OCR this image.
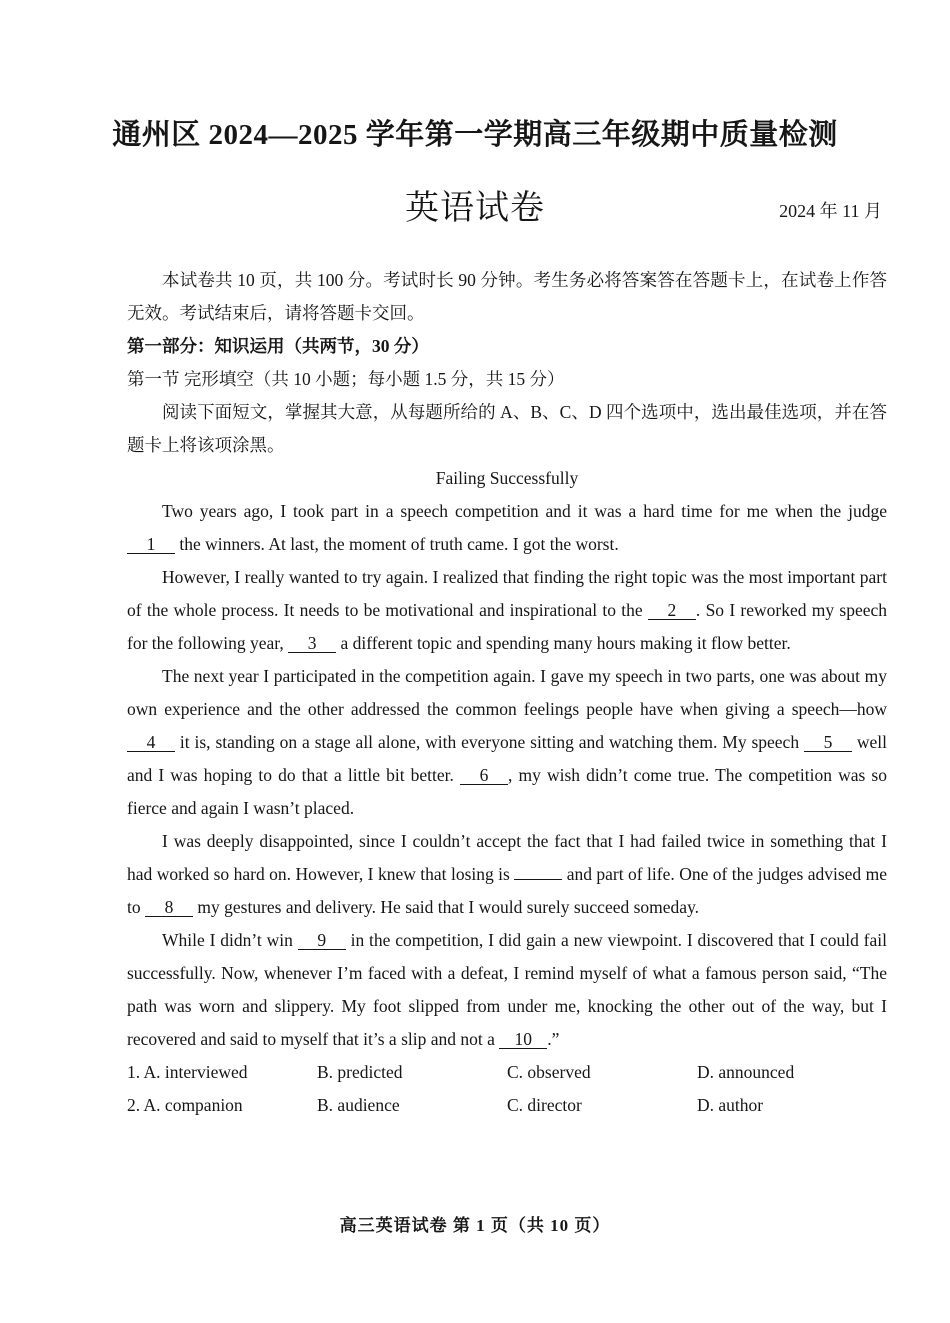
通州区 2024—2025 学年第一学期高三年级期中质量检测
英语试卷	2024 年 11 月

本试卷共 10 页，共 100 分。考试时长 90 分钟。考生务必将答案答在答题卡上，在试卷上作答无效。考试结束后，请将答题卡交回。

第一部分：知识运用（共两节，30 分）

第一节 完形填空（共 10 小题；每小题 1.5 分，共 15 分）

阅读下面短文，掌握其大意，从每题所给的 A、B、C、D 四个选项中，选出最佳选项，并在答题卡上将该项涂黑。

Failing Successfully

Two years ago, I took part in a speech competition and it was a hard time for me when the judge 1 the winners. At last, the moment of truth came. I got the worst.

However, I really wanted to try again. I realized that finding the right topic was the most important part of the whole process. It needs to be motivational and inspirational to the 2 . So I reworked my speech for the following year, 3 a different topic and spending many hours making it flow better.

The next year I participated in the competition again. I gave my speech in two parts, one was about my own experience and the other addressed the common feelings people have when giving a speech—how 4 it is, standing on a stage all alone, with everyone sitting and watching them. My speech 5 well and I was hoping to do that a little bit better. 6 , my wish didn’t come true. The competition was so fierce and again I wasn’t placed.

I was deeply disappointed, since I couldn’t accept the fact that I had failed twice in something that I had worked so hard on. However, I knew that losing is	and part of life. One of the judges advised me to 8 my gestures and delivery. He said that I would surely succeed someday.

While I didn’t win 9 in the competition, I did gain a new viewpoint. I discovered that I could fail successfully. Now, whenever I’m faced with a defeat, I remind myself of what a famous person said, “The path was worn and slippery. My foot slipped from under me, knocking the other out of the way, but I recovered and said to myself that it’s a slip and not a 10 .”

1. A. interviewed	B. predicted	C. observed	D. announced
2. A. companion	B. audience	C. director	D. author
高三英语试卷 第 1 页（共 10 页）
